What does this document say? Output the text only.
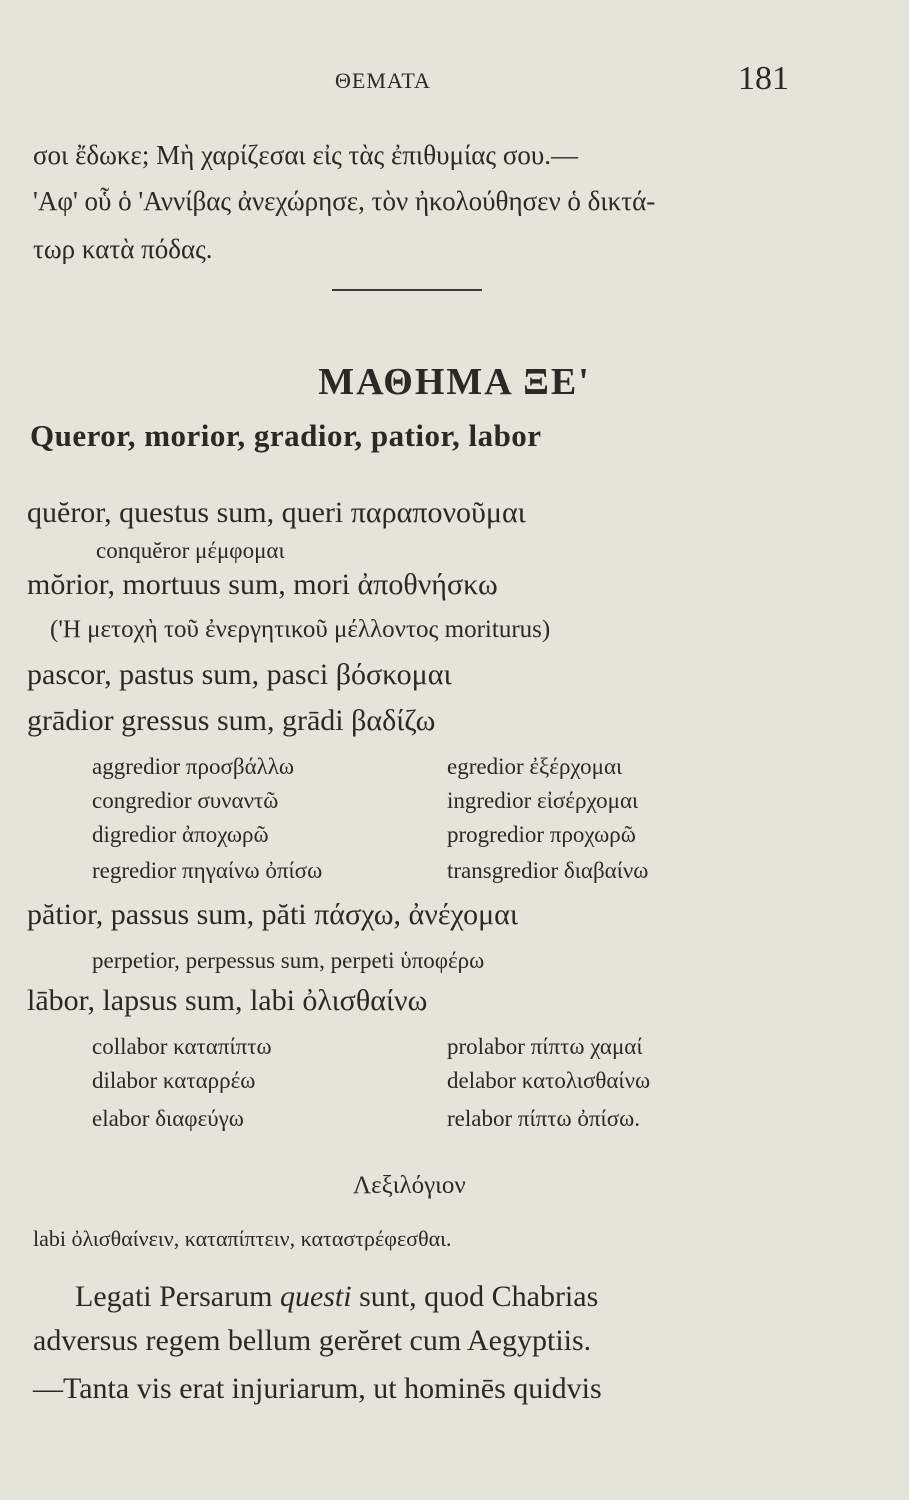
ΘΕΜΑΤΑ	181
σοι ἔδωκε; Μὴ χαρίζεσαι εἰς τὰς ἐπιθυμίας σου.—
'Αφ' οὗ ὁ 'Αννίβας ἀνεχώρησε, τὸν ἠκολούθησεν ὁ δικτά-
τωρ κατὰ πόδας.
ΜΑΘΗΜΑ ΞΕ'
Queror, morior, gradior, patior, labor
quĕror, questus sum, queri παραπονοῦμαι
conquĕror μέμφομαι
mŏrior, mortuus sum, mori ἀποθνήσκω
('Η μετοχὴ τοῦ ἐνεργητικοῦ μέλλοντος moriturus)
pascor, pastus sum, pasci βόσκομαι
grādior gressus sum, grādi βαδίζω
aggredior προσβάλλω	egredior ἐξέρχομαι
congredior συναντῶ	ingredior εἰσέρχομαι
digredior ἀποχωρῶ	progredior προχωρῶ
regredior πηγαίνω ὀπίσω	transgredior διαβαίνω
pătior, passus sum, păti πάσχω, ἀνέχομαι
perpetior, perpessus sum, perpeti ὑποφέρω
lābor, lapsus sum, labi ὀλισθαίνω
collabor καταπίπτω	prolabor πίπτω χαμαί
dilabor καταρρέω	delabor κατολισθαίνω
elabor διαφεύγω	relabor πίπτω ὀπίσω.
Λεξιλόγιον
labi ὀλισθαίνειν, καταπίπτειν, καταστρέφεσθαι.
Legati Persarum questi sunt, quod Chabrias
adversus regem bellum gerĕret cum Aegyptiis.
—Tanta vis erat injuriarum, ut hominēs quidvis
